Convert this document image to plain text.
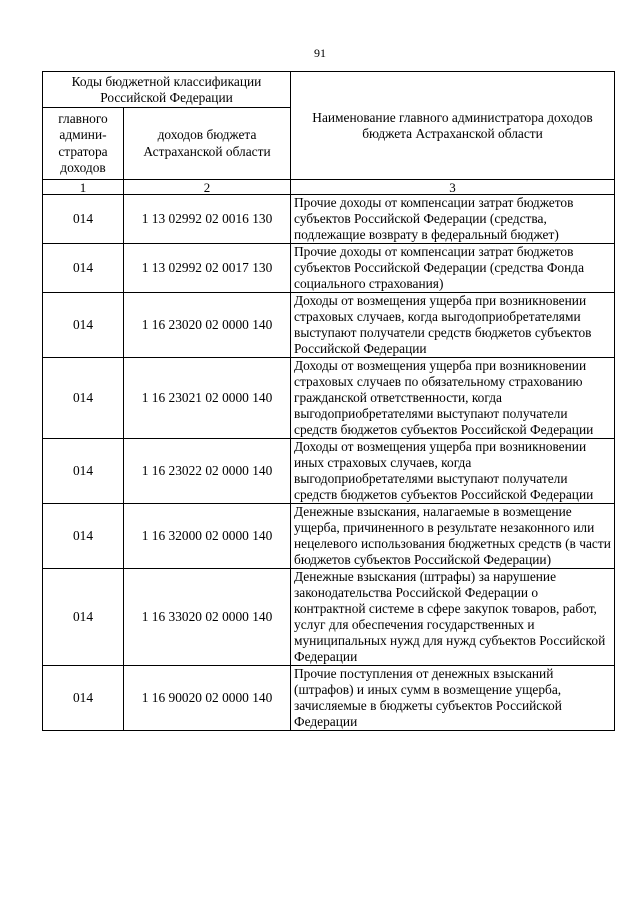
91
Коды бюджетной классификации Российской Федерации		Наименование главного администратора доходов бюджета Астраханской области
главного админи-стратора доходов	доходов бюджета Астраханской области	
1	2	3
014	1 13 02992 02 0016 130	Прочие доходы от компенсации затрат бюджетов субъектов Российской Федерации (средства, подлежащие возврату в федеральный бюджет)
014	1 13 02992 02 0017 130	Прочие доходы от компенсации затрат бюджетов субъектов Российской Федерации (средства Фонда социального страхования)
014	1 16 23020 02 0000 140	Доходы от возмещения ущерба при возникновении страховых случаев, когда выгодоприобретателями выступают получатели средств бюджетов субъектов Российской Федерации
014	1 16 23021 02 0000 140	Доходы от возмещения ущерба при возникновении страховых случаев по обязательному страхованию гражданской ответственности, когда выгодоприобретателями выступают получатели средств бюджетов субъектов Российской Федерации
014	1 16 23022 02 0000 140	Доходы от возмещения ущерба при возникновении иных страховых случаев, когда выгодоприобретателями выступают получатели средств бюджетов субъектов Российской Федерации
014	1 16 32000 02 0000 140	Денежные взыскания, налагаемые в возмещение ущерба, причиненного в результате незаконного или нецелевого использования бюджетных средств (в части бюджетов субъектов Российской Федерации)
014	1 16 33020 02 0000 140	Денежные взыскания (штрафы) за нарушение законодательства Российской Федерации о контрактной системе в сфере закупок товаров, работ, услуг для обеспечения государственных и муниципальных нужд для нужд субъектов Российской Федерации
014	1 16 90020 02 0000 140	Прочие поступления от денежных взысканий (штрафов) и иных сумм в возмещение ущерба, зачисляемые в бюджеты субъектов Российской Федерации
